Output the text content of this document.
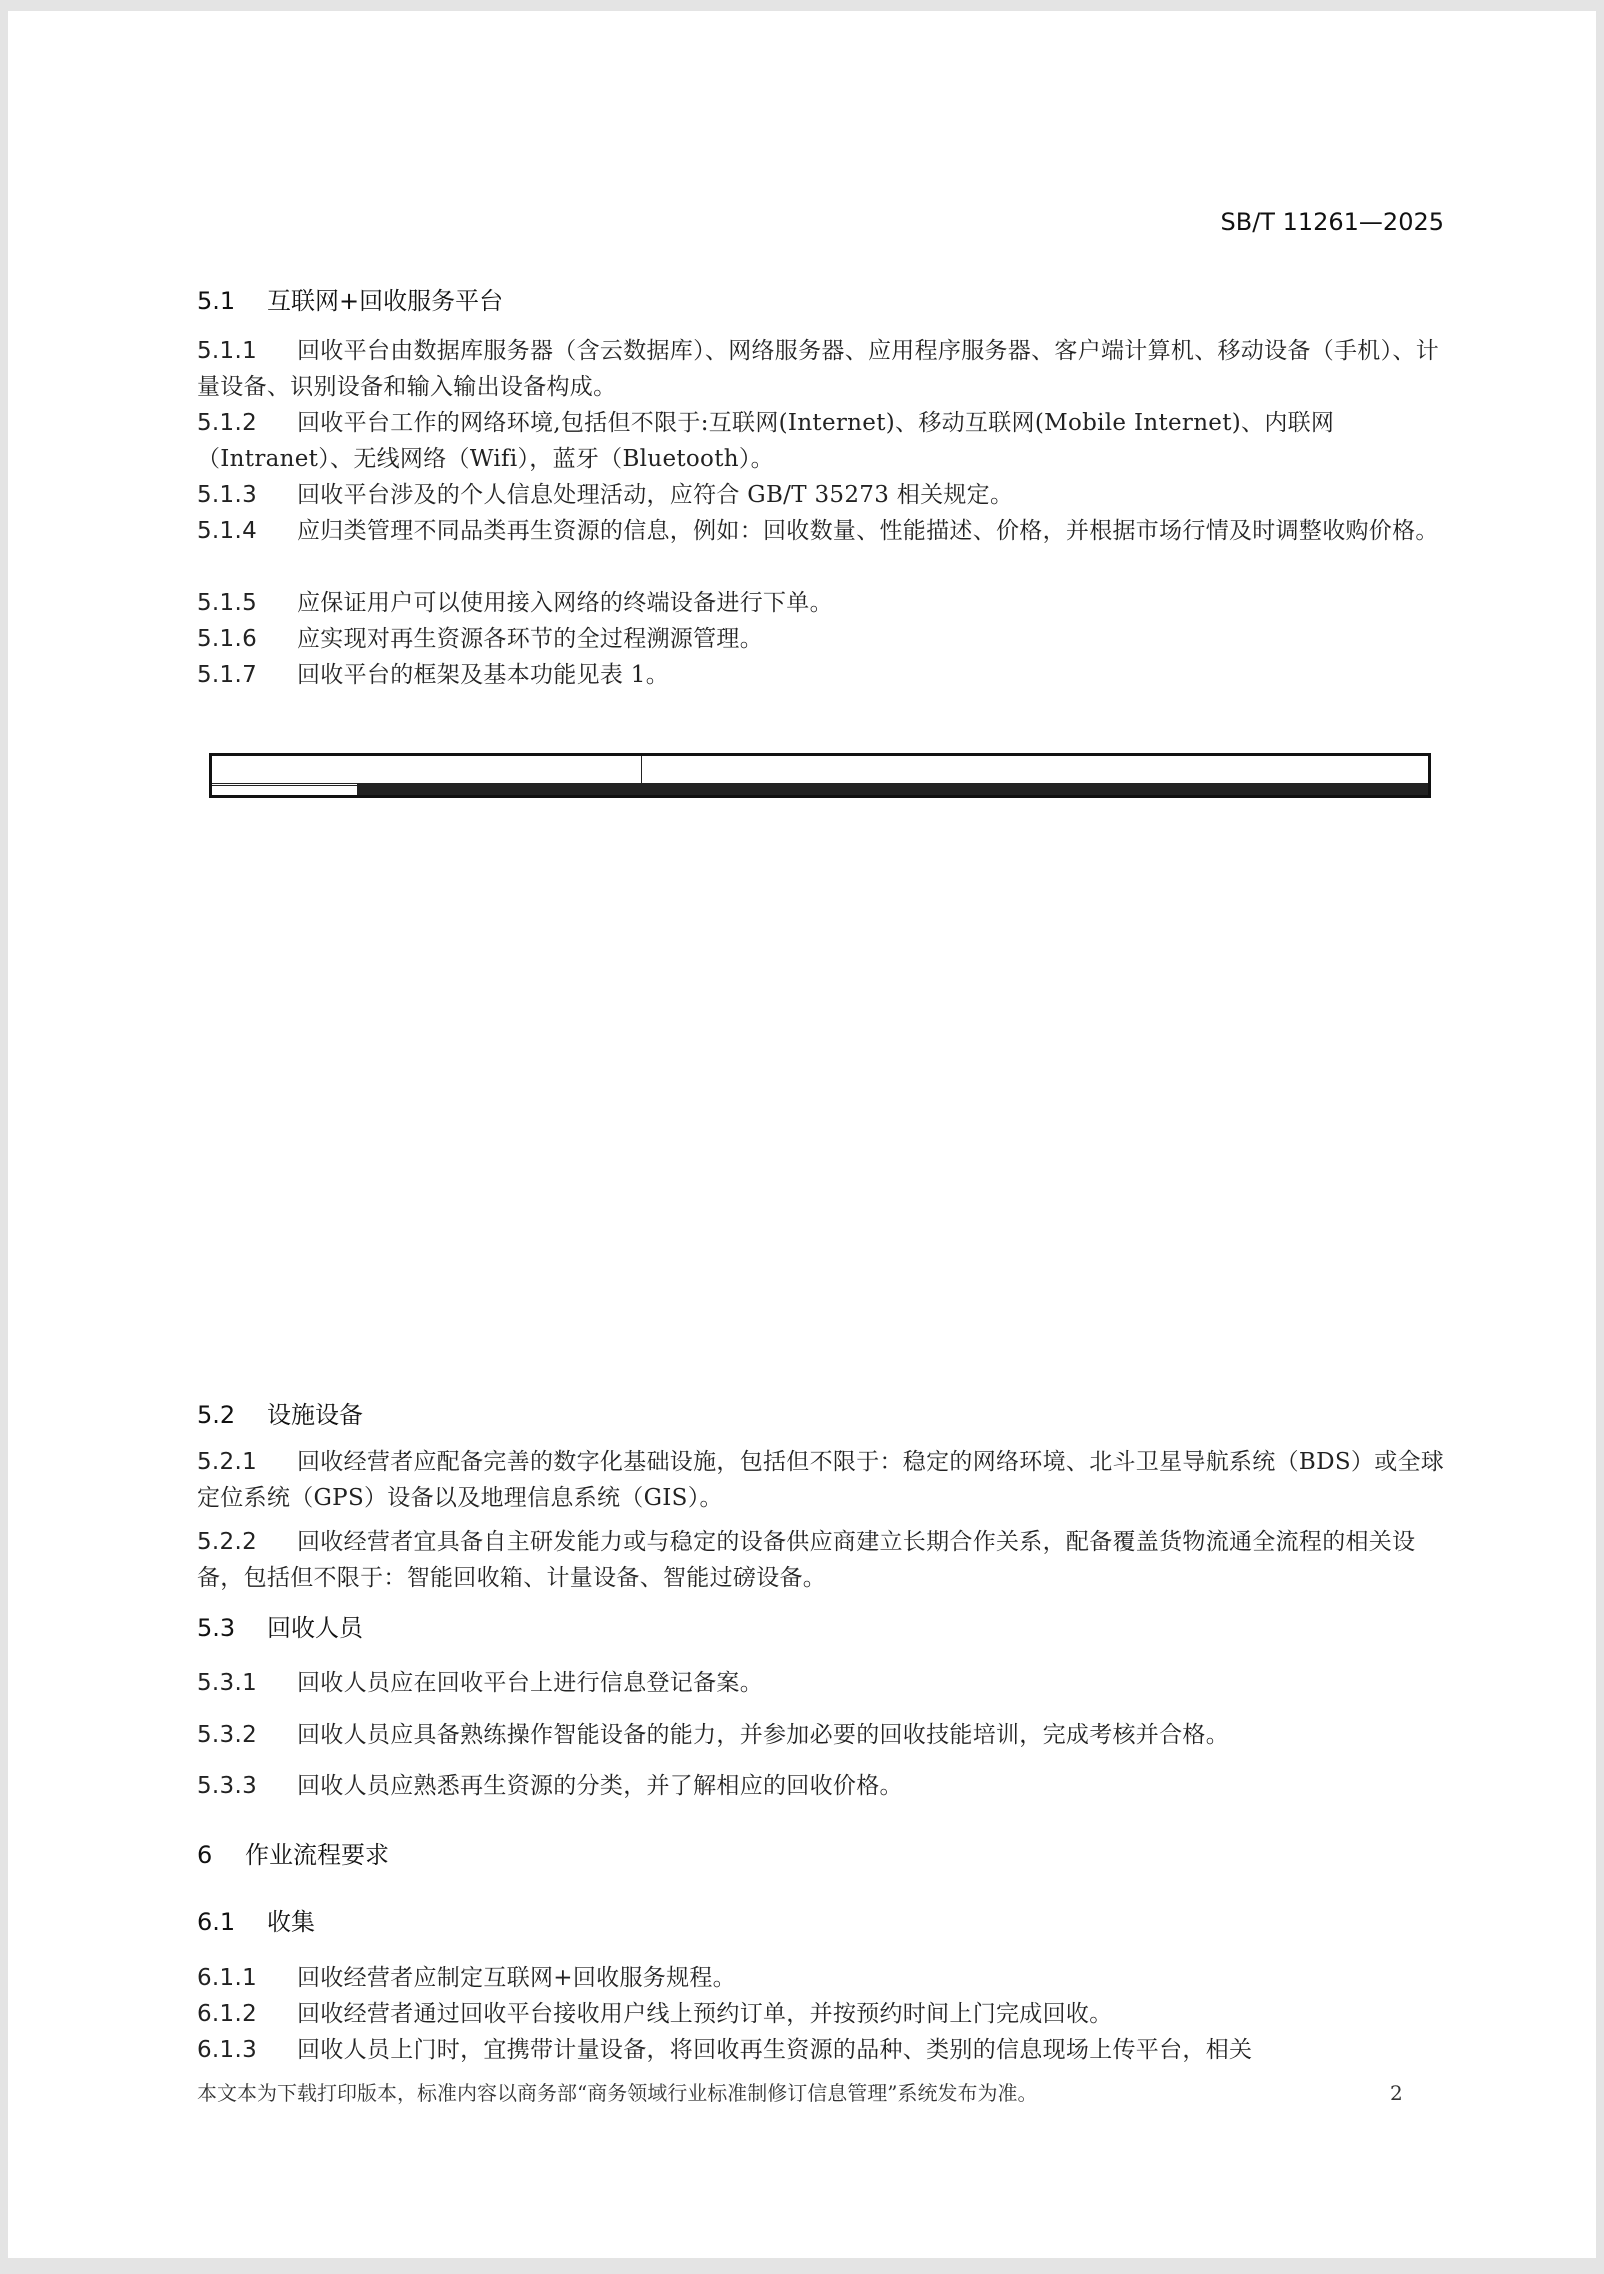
SB/T 11261—2025
5.1 互联网+回收服务平台
5.1.1 回收平台由数据库服务器（含云数据库）、网络服务器、应用程序服务器、客户端计算机、移动设备（手机）、计量设备、识别设备和输入输出设备构成。
5.1.2 回收平台工作的网络环境,包括但不限于:互联网(Internet)、移动互联网(Mobile Internet)、内联网（Intranet）、无线网络（Wifi），蓝牙（Bluetooth）。
5.1.3 回收平台涉及的个人信息处理活动，应符合 GB/T 35273 相关规定。
5.1.4 应归类管理不同品类再生资源的信息，例如：回收数量、性能描述、价格，并根据市场行情及时调整收购价格。
5.1.5 应保证用户可以使用接入网络的终端设备进行下单。
5.1.6 应实现对再生资源各环节的全过程溯源管理。
5.1.7 回收平台的框架及基本功能见表 1。

5.2 设施设备
5.2.1 回收经营者应配备完善的数字化基础设施，包括但不限于：稳定的网络环境、北斗卫星导航系统（BDS）或全球定位系统（GPS）设备以及地理信息系统（GIS）。
5.2.2 回收经营者宜具备自主研发能力或与稳定的设备供应商建立长期合作关系，配备覆盖货物流通全流程的相关设备，包括但不限于：智能回收箱、计量设备、智能过磅设备。
5.3 回收人员
5.3.1 回收人员应在回收平台上进行信息登记备案。
5.3.2 回收人员应具备熟练操作智能设备的能力，并参加必要的回收技能培训，完成考核并合格。
5.3.3 回收人员应熟悉再生资源的分类，并了解相应的回收价格。
6 作业流程要求
6.1 收集
6.1.1 回收经营者应制定互联网+回收服务规程。
6.1.2 回收经营者通过回收平台接收用户线上预约订单，并按预约时间上门完成回收。
6.1.3 回收人员上门时，宜携带计量设备，将回收再生资源的品种、类别的信息现场上传平台，相关
本文本为下载打印版本，标准内容以商务部“商务领域行业标准制修订信息管理”系统发布为准。	2
